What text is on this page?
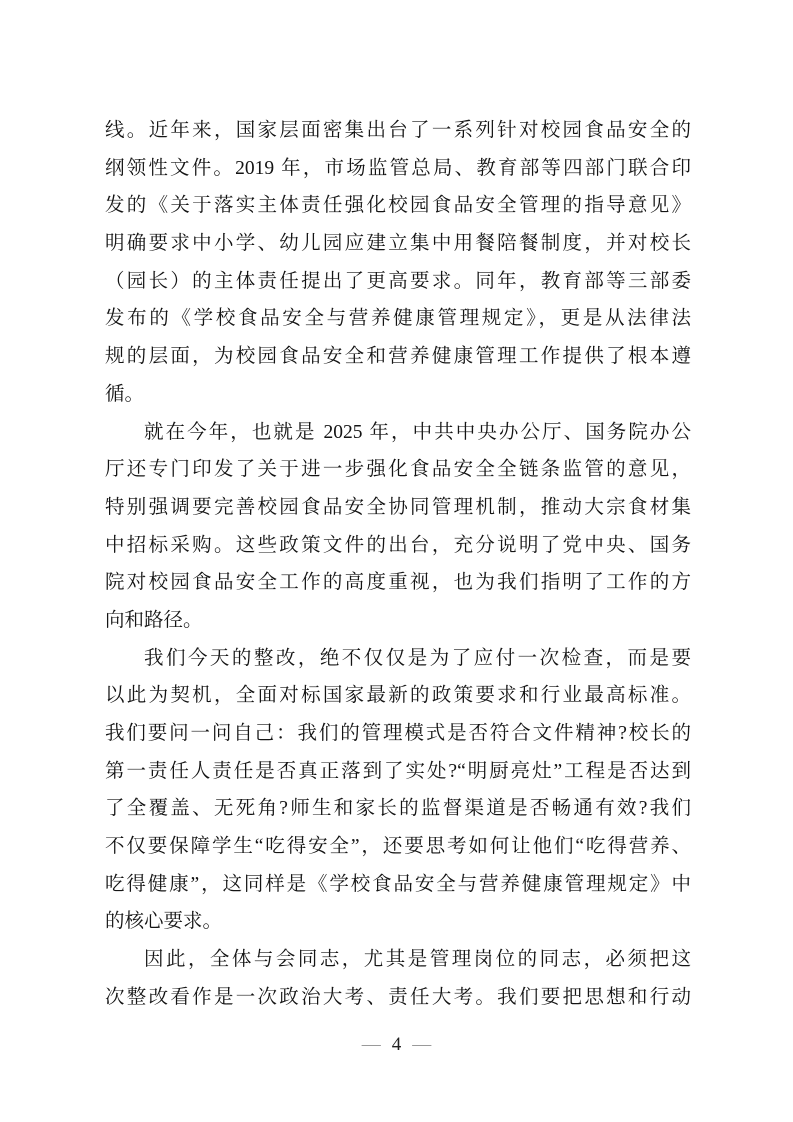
线。近年来，国家层面密集出台了一系列针对校园食品安全的
纲领性文件。2019 年，市场监管总局、教育部等四部门联合印
发的《关于落实主体责任强化校园食品安全管理的指导意见》
明确要求中小学、幼儿园应建立集中用餐陪餐制度，并对校长
（园长）的主体责任提出了更高要求。同年，教育部等三部委
发布的《学校食品安全与营养健康管理规定》，更是从法律法
规的层面，为校园食品安全和营养健康管理工作提供了根本遵
循。
就在今年，也就是 2025 年，中共中央办公厅、国务院办公
厅还专门印发了关于进一步强化食品安全全链条监管的意见，
特别强调要完善校园食品安全协同管理机制，推动大宗食材集
中招标采购。这些政策文件的出台，充分说明了党中央、国务
院对校园食品安全工作的高度重视，也为我们指明了工作的方
向和路径。
我们今天的整改，绝不仅仅是为了应付一次检查，而是要
以此为契机，全面对标国家最新的政策要求和行业最高标准。
我们要问一问自己：我们的管理模式是否符合文件精神?校长的
第一责任人责任是否真正落到了实处?“明厨亮灶”工程是否达到
了全覆盖、无死角?师生和家长的监督渠道是否畅通有效?我们
不仅要保障学生“吃得安全”，还要思考如何让他们“吃得营养、
吃得健康”，这同样是《学校食品安全与营养健康管理规定》中
的核心要求。
因此，全体与会同志，尤其是管理岗位的同志，必须把这
次整改看作是一次政治大考、责任大考。我们要把思想和行动
— 4 —
